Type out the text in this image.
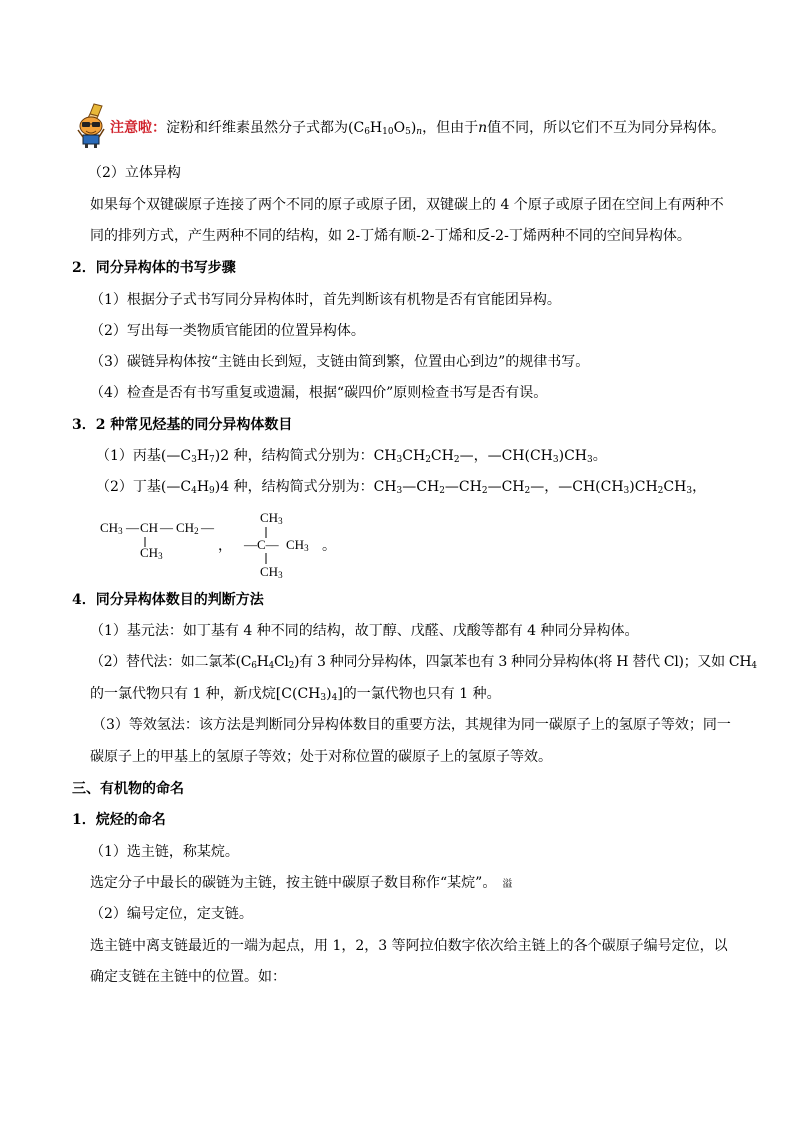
注意啦：淀粉和纤维素虽然分子式都为$(C_6H_{10}O_5)_n$，但由于n值不同，所以它们不互为同分异构体。
（2）立体异构
如果每个双键碳原子连接了两个不同的原子或原子团，双键碳上的 4 个原子或原子团在空间上有两种不
同的排列方式，产生两种不同的结构，如 2-丁烯有顺-2-丁烯和反-2-丁烯两种不同的空间异构体。
2．同分异构体的书写步骤
（1）根据分子式书写同分异构体时，首先判断该有机物是否有官能团异构。
（2）写出每一类物质官能团的位置异构体。
（3）碳链异构体按“主链由长到短，支链由简到繁，位置由心到边”的规律书写。
（4）检查是否有书写重复或遗漏，根据“碳四价”原则检查书写是否有误。
3．2 种常见烃基的同分异构体数目
（1）丙基$(—C_3H_7)2$ 种，结构简式分别为：$CH_3CH_2CH_2—$，$—CH(CH_3)CH_3$。
（2）丁基$(—C_4H_9)4$ 种，结构简式分别为：$CH_3—CH_2—CH_2—CH_2—$，$—CH(CH_3)CH_2CH_3$，
$CH_3$ — CH — $CH_2$ —
$CH_3$
，
$CH_3$
—C— $CH_3$
$CH_3$
。
4．同分异构体数目的判断方法
（1）基元法：如丁基有 4 种不同的结构，故丁醇、戊醛、戊酸等都有 4 种同分异构体。
（2）替代法：如二氯苯$(C_6H_4Cl_2)$有 3 种同分异构体，四氯苯也有 3 种同分异构体(将 H 替代 Cl)；又如 $CH_4$
的一氯代物只有 1 种，新戊烷$[C(CH_3)_4]$的一氯代物也只有 1 种。
（3）等效氢法：该方法是判断同分异构体数目的重要方法，其规律为同一碳原子上的氢原子等效；同一
碳原子上的甲基上的氢原子等效；处于对称位置的碳原子上的氢原子等效。
三、有机物的命名
1．烷烃的命名
（1）选主链，称某烷。
选定分子中最长的碳链为主链，按主链中碳原子数目称作“某烷”。 溢
（2）编号定位，定支链。
选主链中离支链最近的一端为起点，用 1，2，3 等阿拉伯数字依次给主链上的各个碳原子编号定位，以
确定支链在主链中的位置。如：
